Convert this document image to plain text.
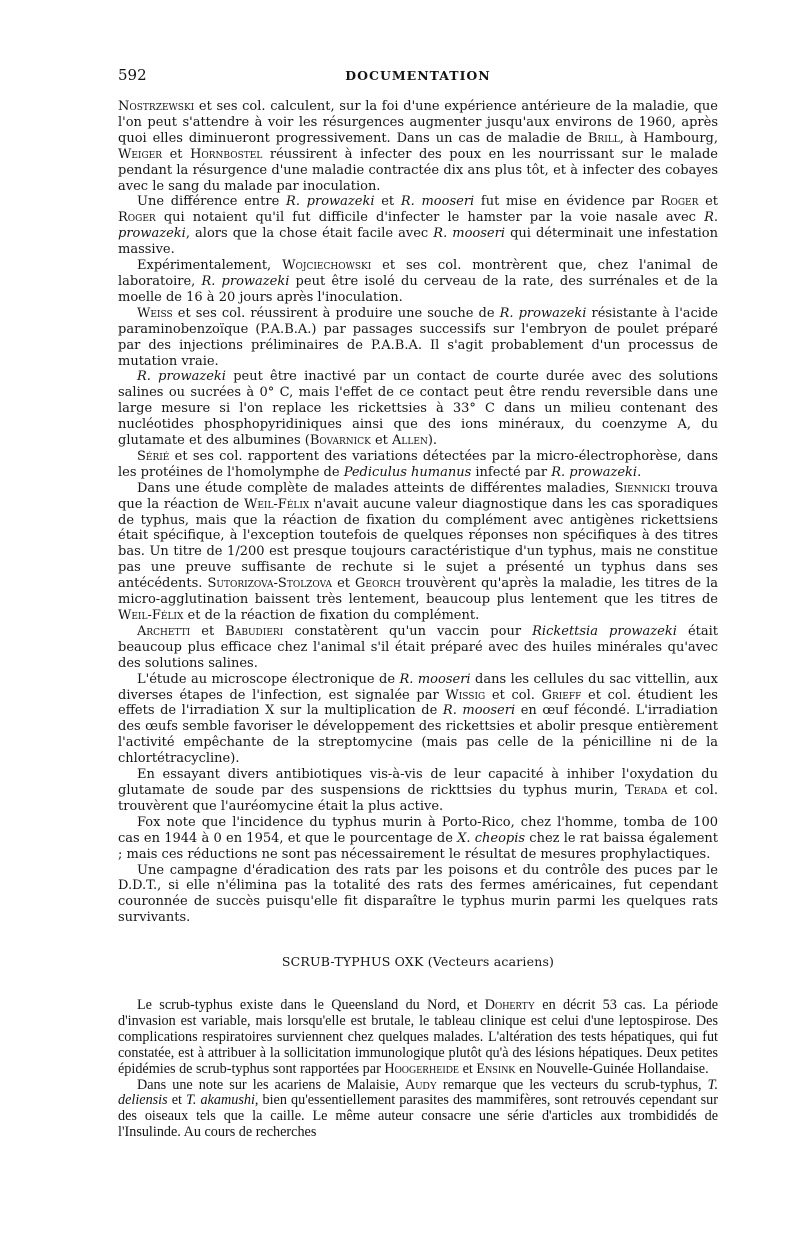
592	DOCUMENTATION

Nostrzewski et ses col. calculent, sur la foi d'une expérience antérieure de la maladie, que l'on peut s'attendre à voir les résurgences augmenter jusqu'aux environs de 1960, après quoi elles diminueront progressivement. Dans un cas de maladie de Brill, à Hambourg, Weiger et Hornbostel réussirent à infecter des poux en les nourrissant sur le malade pendant la résurgence d'une maladie contractée dix ans plus tôt, et à infecter des cobayes avec le sang du malade par inoculation.

Une différence entre R. prowazeki et R. mooseri fut mise en évidence par Roger et Roger qui notaient qu'il fut difficile d'infecter le hamster par la voie nasale avec R. prowazeki, alors que la chose était facile avec R. mooseri qui déterminait une infestation massive.

Expérimentalement, Wojciechowski et ses col. montrèrent que, chez l'animal de laboratoire, R. prowazeki peut être isolé du cerveau de la rate, des surrénales et de la moelle de 16 à 20 jours après l'inoculation.

Weiss et ses col. réussirent à produire une souche de R. prowazeki résistante à l'acide paraminobenzoïque (P.A.B.A.) par passages successifs sur l'embryon de poulet préparé par des injections préliminaires de P.A.B.A. Il s'agit probablement d'un processus de mutation vraie.

R. prowazeki peut être inactivé par un contact de courte durée avec des solutions salines ou sucrées à 0° C, mais l'effet de ce contact peut être rendu reversible dans une large mesure si l'on replace les rickettsies à 33° C dans un milieu contenant des nucléotides phosphopyridiniques ainsi que des ions minéraux, du coenzyme A, du glutamate et des albumines (Bovarnick et Allen).

Sérié et ses col. rapportent des variations détectées par la micro-électrophorèse, dans les protéines de l'homolymphe de Pediculus humanus infecté par R. prowazeki.

Dans une étude complète de malades atteints de différentes maladies, Siennicki trouva que la réaction de Weil-Félix n'avait aucune valeur diagnostique dans les cas sporadiques de typhus, mais que la réaction de fixation du complément avec antigènes rickettsiens était spécifique, à l'exception toutefois de quelques réponses non spécifiques à des titres bas. Un titre de 1/200 est presque toujours caractéristique d'un typhus, mais ne constitue pas une preuve suffisante de rechute si le sujet a présenté un typhus dans ses antécédents. Sutorizova-Stolzova et Georch trouvèrent qu'après la maladie, les titres de la micro-agglutination baissent très lentement, beaucoup plus lentement que les titres de Weil-Félix et de la réaction de fixation du complément.

Archetti et Babudieri constatèrent qu'un vaccin pour Rickettsia prowazeki était beaucoup plus efficace chez l'animal s'il était préparé avec des huiles minérales qu'avec des solutions salines.

L'étude au microscope électronique de R. mooseri dans les cellules du sac vittellin, aux diverses étapes de l'infection, est signalée par Wissig et col. Grieff et col. étudient les effets de l'irradiation X sur la multiplication de R. mooseri en œuf fécondé. L'irradiation des œufs semble favoriser le développement des rickettsies et abolir presque entièrement l'activité empêchante de la streptomycine (mais pas celle de la pénicilline ni de la chlortétracycline).

En essayant divers antibiotiques vis-à-vis de leur capacité à inhiber l'oxydation du glutamate de soude par des suspensions de rickttsies du typhus murin, Terada et col. trouvèrent que l'auréomycine était la plus active.

Fox note que l'incidence du typhus murin à Porto-Rico, chez l'homme, tomba de 100 cas en 1944 à 0 en 1954, et que le pourcentage de X. cheopis chez le rat baissa également ; mais ces réductions ne sont pas nécessairement le résultat de mesures prophylactiques.

Une campagne d'éradication des rats par les poisons et du contrôle des puces par le D.D.T., si elle n'élimina pas la totalité des rats des fermes américaines, fut cependant couronnée de succès puisqu'elle fit disparaître le typhus murin parmi les quelques rats survivants.

SCRUB-TYPHUS OXK (Vecteurs acariens)

Le scrub-typhus existe dans le Queensland du Nord, et Doherty en décrit 53 cas. La période d'invasion est variable, mais lorsqu'elle est brutale, le tableau clinique est celui d'une leptospirose. Des complications respiratoires surviennent chez quelques malades. L'altération des tests hépatiques, qui fut constatée, est à attribuer à la sollicitation immunologique plutôt qu'à des lésions hépatiques. Deux petites épidémies de scrub-typhus sont rapportées par Hoogerheide et Ensink en Nouvelle-Guinée Hollandaise.

Dans une note sur les acariens de Malaisie, Audy remarque que les vecteurs du scrub-typhus, T. deliensis et T. akamushi, bien qu'essentiellement parasites des mammifères, sont retrouvés cependant sur des oiseaux tels que la caille. Le même auteur consacre une série d'articles aux trombididés de l'Insulinde. Au cours de recherches
